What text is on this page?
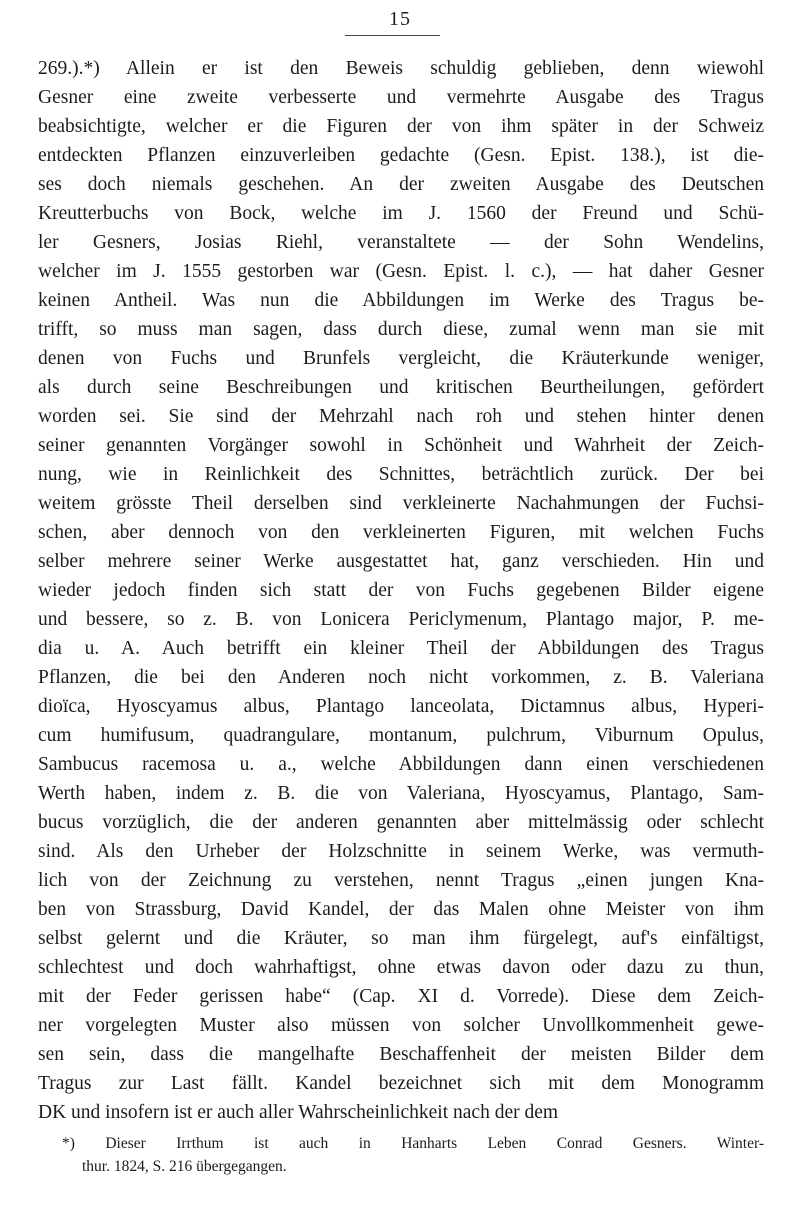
15
269.).*) Allein er ist den Beweis schuldig geblieben, denn wiewohl
Gesner eine zweite verbesserte und vermehrte Ausgabe des Tragus
beabsichtigte, welcher er die Figuren der von ihm später in der Schweiz
entdeckten Pflanzen einzuverleiben gedachte (Gesn. Epist. 138.), ist die-
ses doch niemals geschehen. An der zweiten Ausgabe des Deutschen
Kreutterbuchs von Bock, welche im J. 1560 der Freund und Schü-
ler Gesners, Josias Riehl, veranstaltete — der Sohn Wendelins,
welcher im J. 1555 gestorben war (Gesn. Epist. l. c.), — hat daher Gesner
keinen Antheil. Was nun die Abbildungen im Werke des Tragus be-
trifft, so muss man sagen, dass durch diese, zumal wenn man sie mit
denen von Fuchs und Brunfels vergleicht, die Kräuterkunde weniger,
als durch seine Beschreibungen und kritischen Beurtheilungen, gefördert
worden sei. Sie sind der Mehrzahl nach roh und stehen hinter denen
seiner genannten Vorgänger sowohl in Schönheit und Wahrheit der Zeich-
nung, wie in Reinlichkeit des Schnittes, beträchtlich zurück. Der bei
weitem grösste Theil derselben sind verkleinerte Nachahmungen der Fuchsi-
schen, aber dennoch von den verkleinerten Figuren, mit welchen Fuchs
selber mehrere seiner Werke ausgestattet hat, ganz verschieden. Hin und
wieder jedoch finden sich statt der von Fuchs gegebenen Bilder eigene
und bessere, so z. B. von Lonicera Periclymenum, Plantago major, P. me-
dia u. A. Auch betrifft ein kleiner Theil der Abbildungen des Tragus
Pflanzen, die bei den Anderen noch nicht vorkommen, z. B. Valeriana
dioïca, Hyoscyamus albus, Plantago lanceolata, Dictamnus albus, Hyperi-
cum humifusum, quadrangulare, montanum, pulchrum, Viburnum Opulus,
Sambucus racemosa u. a., welche Abbildungen dann einen verschiedenen
Werth haben, indem z. B. die von Valeriana, Hyoscyamus, Plantago, Sam-
bucus vorzüglich, die der anderen genannten aber mittelmässig oder schlecht
sind. Als den Urheber der Holzschnitte in seinem Werke, was vermuth-
lich von der Zeichnung zu verstehen, nennt Tragus „einen jungen Kna-
ben von Strassburg, David Kandel, der das Malen ohne Meister von ihm
selbst gelernt und die Kräuter, so man ihm fürgelegt, auf's einfältigst,
schlechtest und doch wahrhaftigst, ohne etwas davon oder dazu zu thun,
mit der Feder gerissen habe“ (Cap. XI d. Vorrede). Diese dem Zeich-
ner vorgelegten Muster also müssen von solcher Unvollkommenheit gewe-
sen sein, dass die mangelhafte Beschaffenheit der meisten Bilder dem
Tragus zur Last fällt. Kandel bezeichnet sich mit dem Monogramm
DK und insofern ist er auch aller Wahrscheinlichkeit nach der dem
*) Dieser Irrthum ist auch in Hanharts Leben Conrad Gesners. Winter-
thur. 1824, S. 216 übergegangen.
